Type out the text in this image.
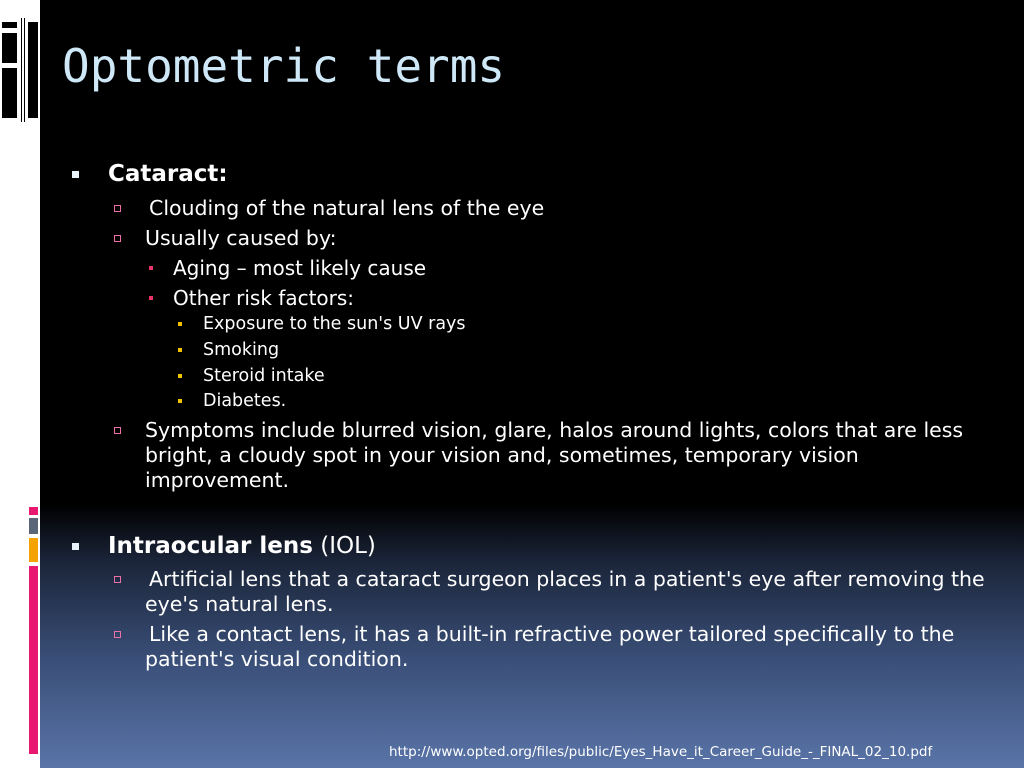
Optometric terms
Cataract:
Clouding of the natural lens of the eye
Usually caused by:
Aging – most likely cause
Other risk factors:
Exposure to the sun's UV rays
Smoking
Steroid intake
Diabetes.
Symptoms include blurred vision, glare, halos around lights, colors that are less bright, a cloudy spot in your vision and, sometimes, temporary vision improvement.
Intraocular lens (IOL)
Artificial lens that a cataract surgeon places in a patient's eye after removing the eye's natural lens.
Like a contact lens, it has a built-in refractive power tailored specifically to the patient's visual condition.
http://www.opted.org/files/public/Eyes_Have_it_Career_Guide_-_FINAL_02_10.pdf
